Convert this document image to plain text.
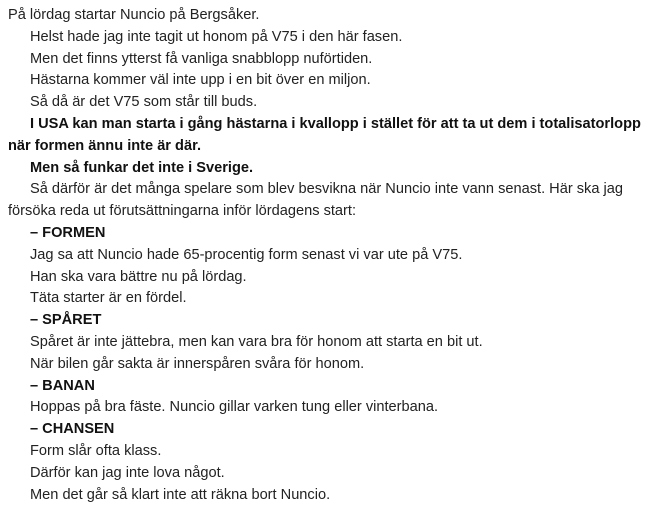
På lördag startar Nuncio på Bergsåker.

Helst hade jag inte tagit ut honom på V75 i den här fasen.

Men det finns ytterst få vanliga snabblopp nuförtiden.

Hästarna kommer väl inte upp i en bit över en miljon.

Så då är det V75 som står till buds.

I USA kan man starta i gång hästarna i kvallopp i stället för att ta ut dem i totalisatorlopp när formen ännu inte är där.

Men så funkar det inte i Sverige.

Så därför är det många spelare som blev besvikna när Nuncio inte vann senast. Här ska jag försöka reda ut förutsättningarna inför lördagens start:

– FORMEN

Jag sa att Nuncio hade 65-procentig form senast vi var ute på V75.

Han ska vara bättre nu på lördag.

Täta starter är en fördel.

– SPÅRET

Spåret är inte jättebra, men kan vara bra för honom att starta en bit ut.

När bilen går sakta är innerspåren svåra för honom.

– BANAN

Hoppas på bra fäste. Nuncio gillar varken tung eller vinterbana.

– CHANSEN

Form slår ofta klass.

Därför kan jag inte lova något.

Men det går så klart inte att räkna bort Nuncio.
